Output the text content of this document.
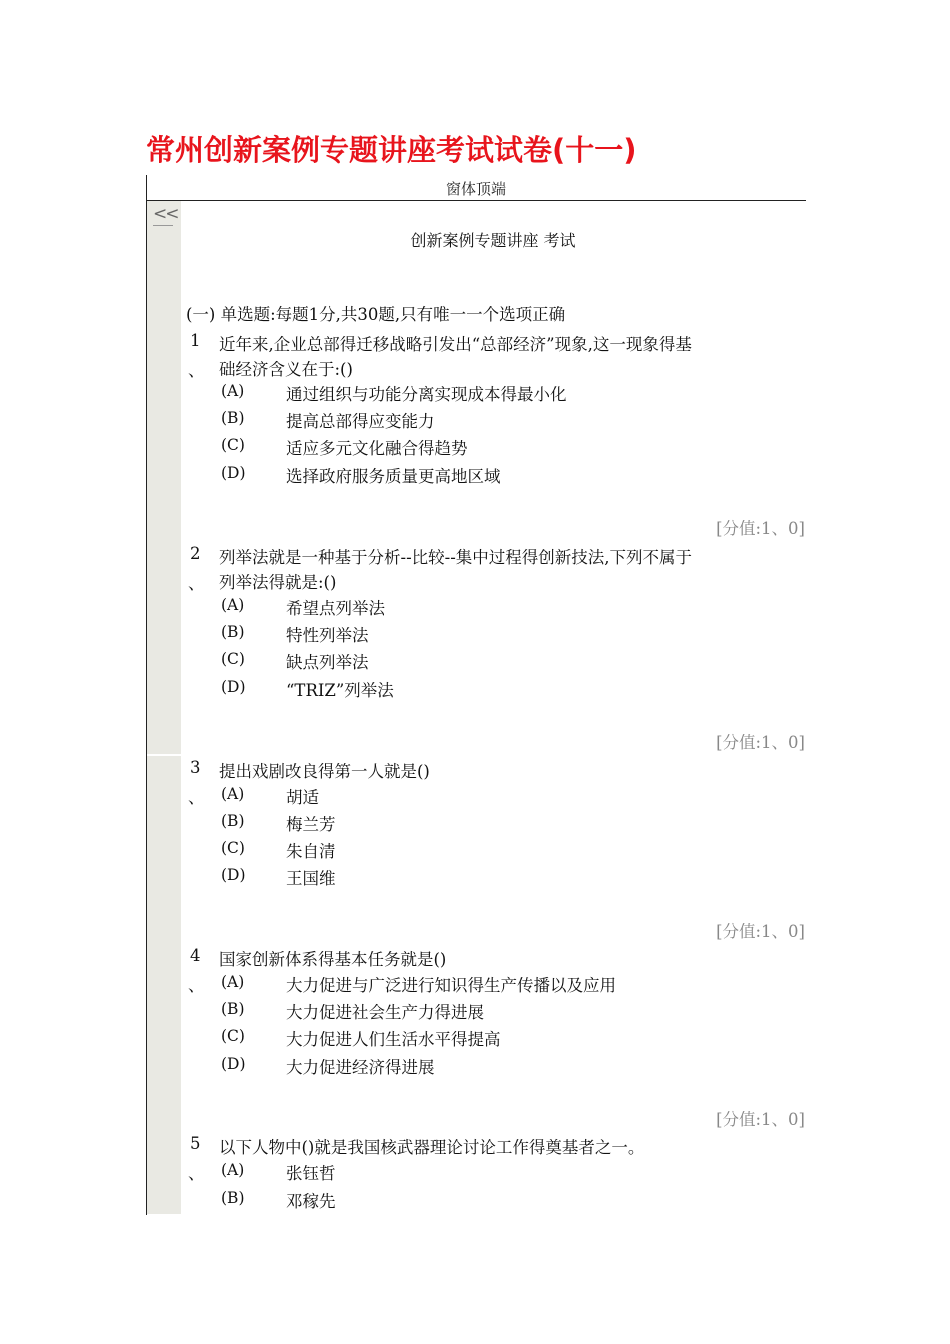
常州创新案例专题讲座考试试卷(十一)
窗体顶端
<<
创新案例专题讲座 考试
(一) 单选题:每题1分,共30题,只有唯一一个选项正确
1
、
近年来,企业总部得迁移战略引发出“总部经济”现象,这一现象得基
础经济含义在于:()
(A)	通过组织与功能分离实现成本得最小化
(B)	提高总部得应变能力
(C) 适应多元文化融合得趋势
(D) 选择政府服务质量更高地区域
[分值:1、0]
2
、
列举法就是一种基于分析--比较--集中过程得创新技法,下列不属于
列举法得就是:()
(A)	希望点列举法
(B)	特性列举法
(C) 缺点列举法
(D) “TRIZ”列举法
[分值:1、0]
3
、
提出戏剧改良得第一人就是()
(A)	胡适
(B)	梅兰芳
(C) 朱自清
(D) 王国维
[分值:1、0]
4
、
国家创新体系得基本任务就是()
(A)	大力促进与广泛进行知识得生产传播以及应用
(B)	大力促进社会生产力得进展
(C) 大力促进人们生活水平得提高
(D) 大力促进经济得进展
[分值:1、0]
5
、
以下人物中()就是我国核武器理论讨论工作得奠基者之一。
(A)	张钰哲
(B)	邓稼先
